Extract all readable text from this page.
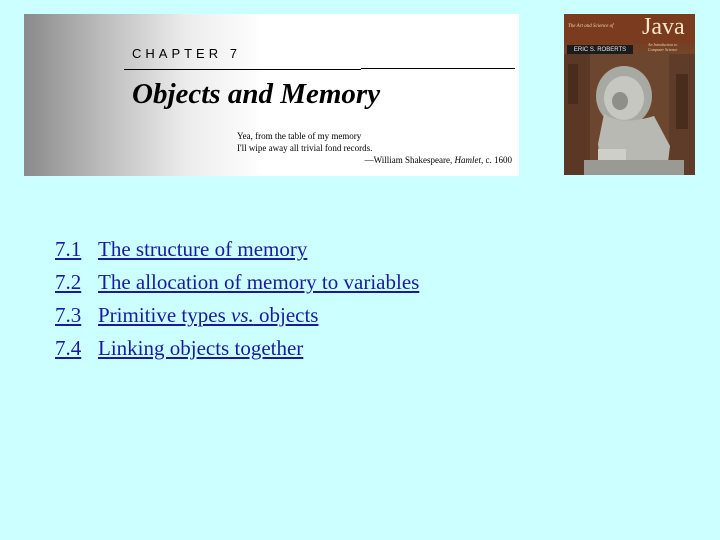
CHAPTER 7
Objects and Memory
Yea, from the table of my memory
I'll wipe away all trivial fond records.
—William Shakespeare, Hamlet, c. 1600
The Art and Science of Java
An Introduction to Computer Science
ERIC S. ROBERTS
7.1 The structure of memory
7.2 The allocation of memory to variables
7.3 Primitive types vs. objects
7.4 Linking objects together
